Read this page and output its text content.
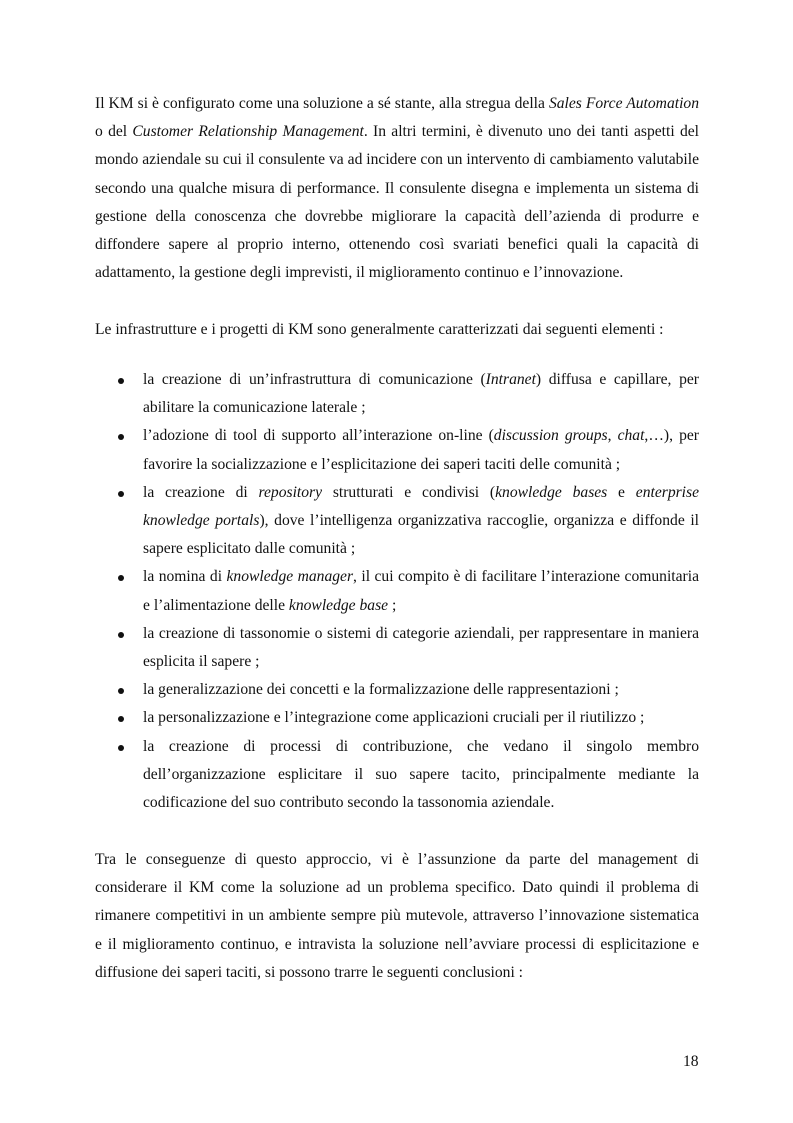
Il KM si è configurato come una soluzione a sé stante, alla stregua della Sales Force Automation o del Customer Relationship Management. In altri termini, è divenuto uno dei tanti aspetti del mondo aziendale su cui il consulente va ad incidere con un intervento di cambiamento valutabile secondo una qualche misura di performance. Il consulente disegna e implementa un sistema di gestione della conoscenza che dovrebbe migliorare la capacità dell’azienda di produrre e diffondere sapere al proprio interno, ottenendo così svariati benefici quali la capacità di adattamento, la gestione degli imprevisti, il miglioramento continuo e l’innovazione.

Le infrastrutture e i progetti di KM sono generalmente caratterizzati dai seguenti elementi :

la creazione di un’infrastruttura di comunicazione (Intranet) diffusa e capillare, per abilitare la comunicazione laterale ;
l’adozione di tool di supporto all’interazione on-line (discussion groups, chat,…), per favorire la socializzazione e l’esplicitazione dei saperi taciti delle comunità ;
la creazione di repository strutturati e condivisi (knowledge bases e enterprise knowledge portals), dove l’intelligenza organizzativa raccoglie, organizza e diffonde il sapere esplicitato dalle comunità ;
la nomina di knowledge manager, il cui compito è di facilitare l’interazione comunitaria e l’alimentazione delle knowledge base ;
la creazione di tassonomie o sistemi di categorie aziendali, per rappresentare in maniera esplicita il sapere ;
la generalizzazione dei concetti e la formalizzazione delle rappresentazioni ;
la personalizzazione e l’integrazione come applicazioni cruciali per il riutilizzo ;
la creazione di processi di contribuzione, che vedano il singolo membro dell’organizzazione esplicitare il suo sapere tacito, principalmente mediante la codificazione del suo contributo secondo la tassonomia aziendale.

Tra le conseguenze di questo approccio, vi è l’assunzione da parte del management di considerare il KM come la soluzione ad un problema specifico. Dato quindi il problema di rimanere competitivi in un ambiente sempre più mutevole, attraverso l’innovazione sistematica e il miglioramento continuo, e intravista la soluzione nell’avviare processi di esplicitazione e diffusione dei saperi taciti, si possono trarre le seguenti conclusioni :

18
